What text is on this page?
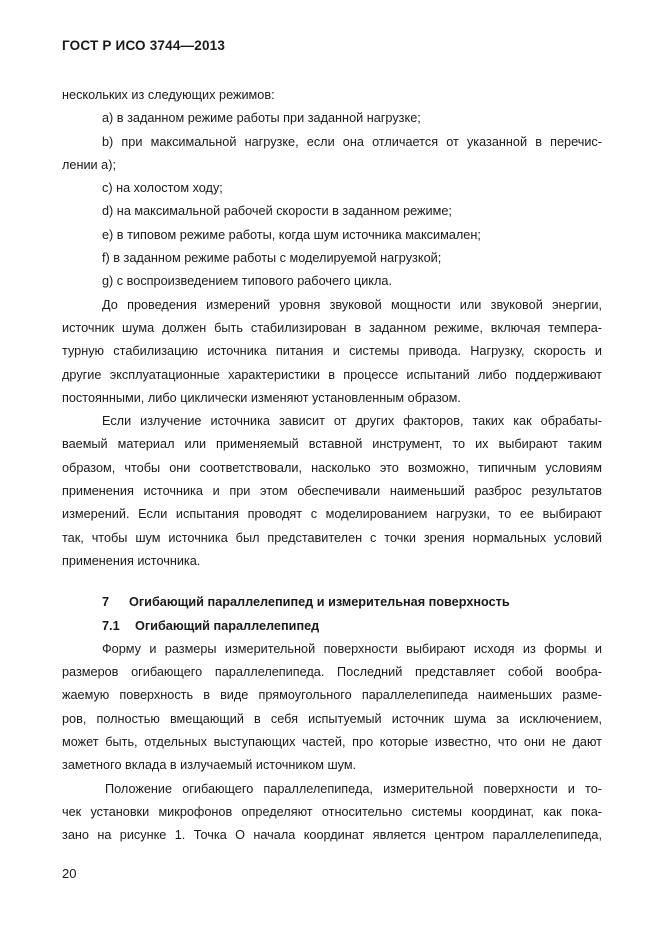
ГОСТ Р ИСО 3744—2013
нескольких из следующих режимов:
a) в заданном режиме работы при заданной нагрузке;
b) при максимальной нагрузке, если она отличается от указанной в перечис-
лении a);
c) на холостом ходу;
d) на максимальной рабочей скорости в заданном режиме;
e) в типовом режиме работы, когда шум источника максимален;
f) в заданном режиме работы с моделируемой нагрузкой;
g) с воспроизведением типового рабочего цикла.
До проведения измерений уровня звуковой мощности или звуковой энергии,
источник шума должен быть стабилизирован в заданном режиме, включая темпера-
турную стабилизацию источника питания и системы привода. Нагрузку, скорость и
другие эксплуатационные характеристики в процессе испытаний либо поддерживают
постоянными, либо циклически изменяют установленным образом.
Если излучение источника зависит от других факторов, таких как обрабаты-
ваемый материал или применяемый вставной инструмент, то их выбирают таким
образом, чтобы они соответствовали, насколько это возможно, типичным условиям
применения источника и при этом обеспечивали наименьший разброс результатов
измерений. Если испытания проводят с моделированием нагрузки, то ее выбирают
так, чтобы шум источника был представителен с точки зрения нормальных условий
применения источника.
7 Огибающий параллелепипед и измерительная поверхность
7.1 Огибающий параллелепипед
Форму и размеры измерительной поверхности выбирают исходя из формы и
размеров огибающего параллелепипеда. Последний представляет собой вообра-
жаемую поверхность в виде прямоугольного параллелепипеда наименьших разме-
ров, полностью вмещающий в себя испытуемый источник шума за исключением,
может быть, отдельных выступающих частей, про которые известно, что они не дают
заметного вклада в излучаемый источником шум.
Положение огибающего параллелепипеда, измерительной поверхности и то-
чек установки микрофонов определяют относительно системы координат, как пока-
зано на рисунке 1. Точка О начала координат является центром параллелепипеда,
20
